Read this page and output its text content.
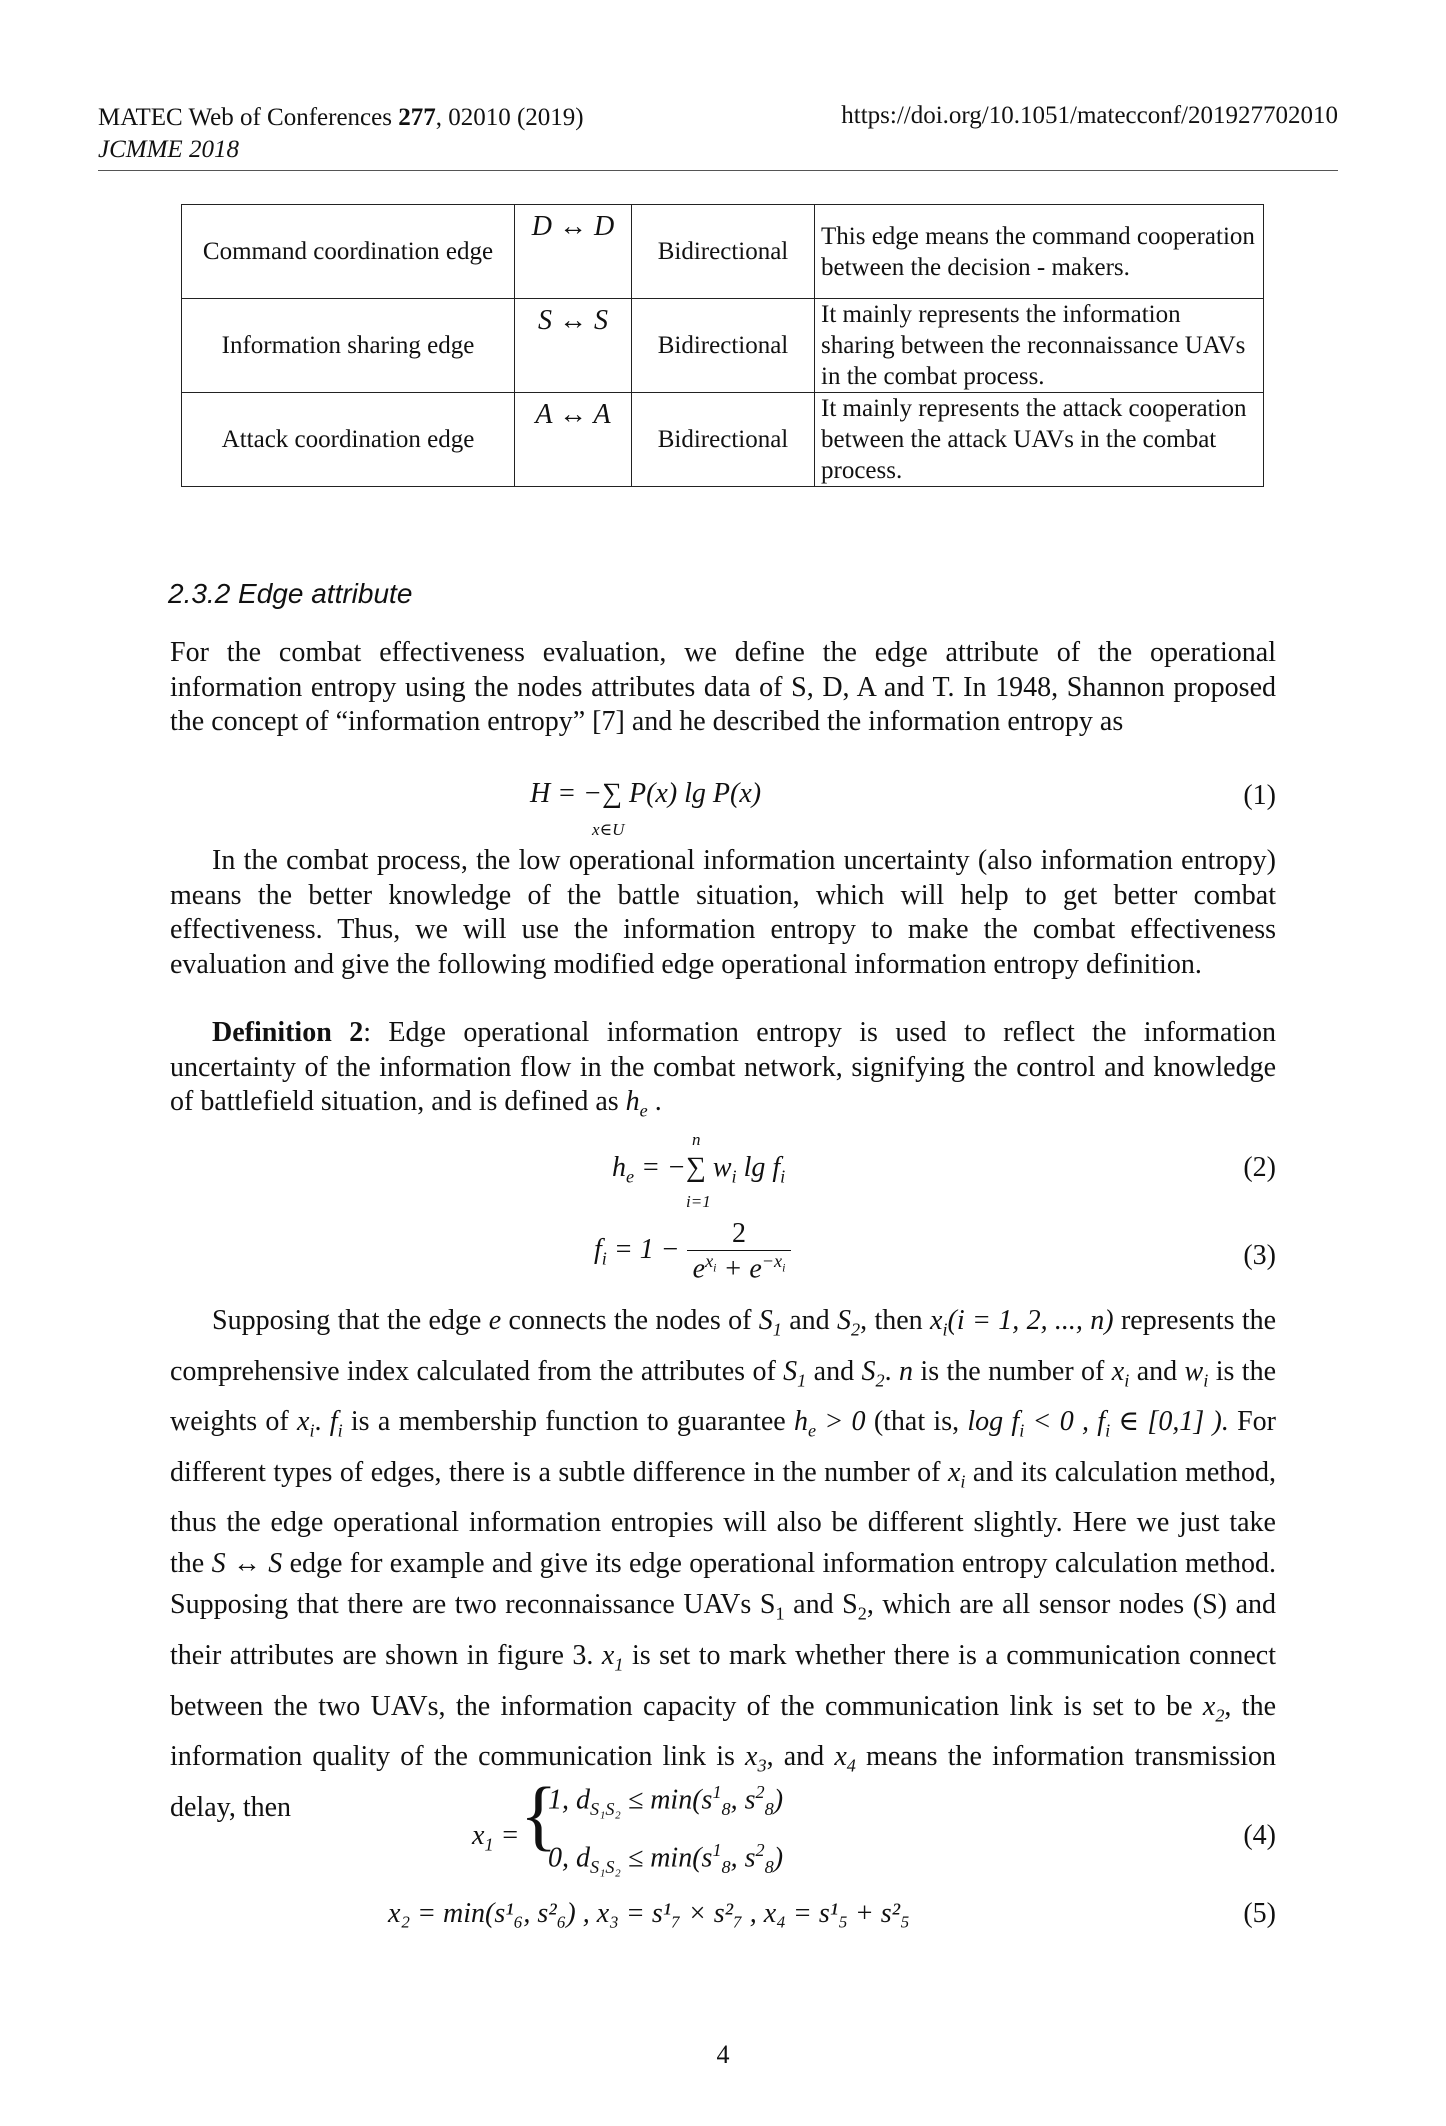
MATEC Web of Conferences 277, 02010 (2019)
JCMME 2018
https://doi.org/10.1051/matecconf/201927702010
Command coordination edge	D ↔ D	Bidirectional	This edge means the command cooperation between the decision - makers.
Information sharing edge	S ↔ S	Bidirectional	It mainly represents the information sharing between the reconnaissance UAVs in the combat process.
Attack coordination edge	A ↔ A	Bidirectional	It mainly represents the attack cooperation between the attack UAVs in the combat process.
2.3.2 Edge attribute
For the combat effectiveness evaluation, we define the edge attribute of the operational information entropy using the nodes attributes data of S, D, A and T. In 1948, Shannon proposed the concept of “information entropy” [7] and he described the information entropy as
H = −∑ P(x) lg P(x)
x∈U
(1)
In the combat process, the low operational information uncertainty (also information entropy) means the better knowledge of the battle situation, which will help to get better combat effectiveness. Thus, we will use the information entropy to make the combat effectiveness evaluation and give the following modified edge operational information entropy definition.
Definition 2: Edge operational information entropy is used to reflect the information uncertainty of the information flow in the combat network, signifying the control and knowledge of battlefield situation, and is defined as $h_e$ .
n
$h_e$ = −∑ $w_i$ $\lg f_i$
i=1
(2)
$f_i = 1 - \frac{2}{e^{x_i} + e^{-x_i}}$	(3)
Supposing that the edge e connects the nodes of $S_1$ and $S_2$, then $x_i(i = 1$, 2, ..., n) represents the comprehensive index calculated from the attributes of $S_1$ and $S_2$. n is the number of $x_i$ and $w_i$ is the weights of $x_i$. $f_i$ is a membership function to guarantee $h_e > 0$ (that is, $\log f_i < 0$ , $f_i$ ∈ [0,1] ). For different types of edges, there is a subtle difference in the number of $x_i$ and its calculation method, thus the edge operational information entropies will also be different slightly. Here we just take the S ↔ S edge for example and give its edge operational information entropy calculation method. Supposing that there are two reconnaissance UAVs $S_1$ and $S_2$, which are all sensor nodes (S) and their attributes are shown in figure 3. $x_1$ is set to mark whether there is a communication connect between the two UAVs, the information capacity of the communication link is set to be $x_2$, the information quality of the communication link is $x_3$, and $x_4$ means the information transmission delay, then
$x_1$ = {
1, $d_{S_1S_2} \le \min(s^1_8$, $s^2_8$)
0, $d_{S_1S_2} \le \min(s^1_8$, $s^2_8$)
(4)
x₂ = min(s¹₆, s²₆) , x₃ = s¹₇ × s²₇ , x₄ = s¹₅ + s²₅	(5)
4
